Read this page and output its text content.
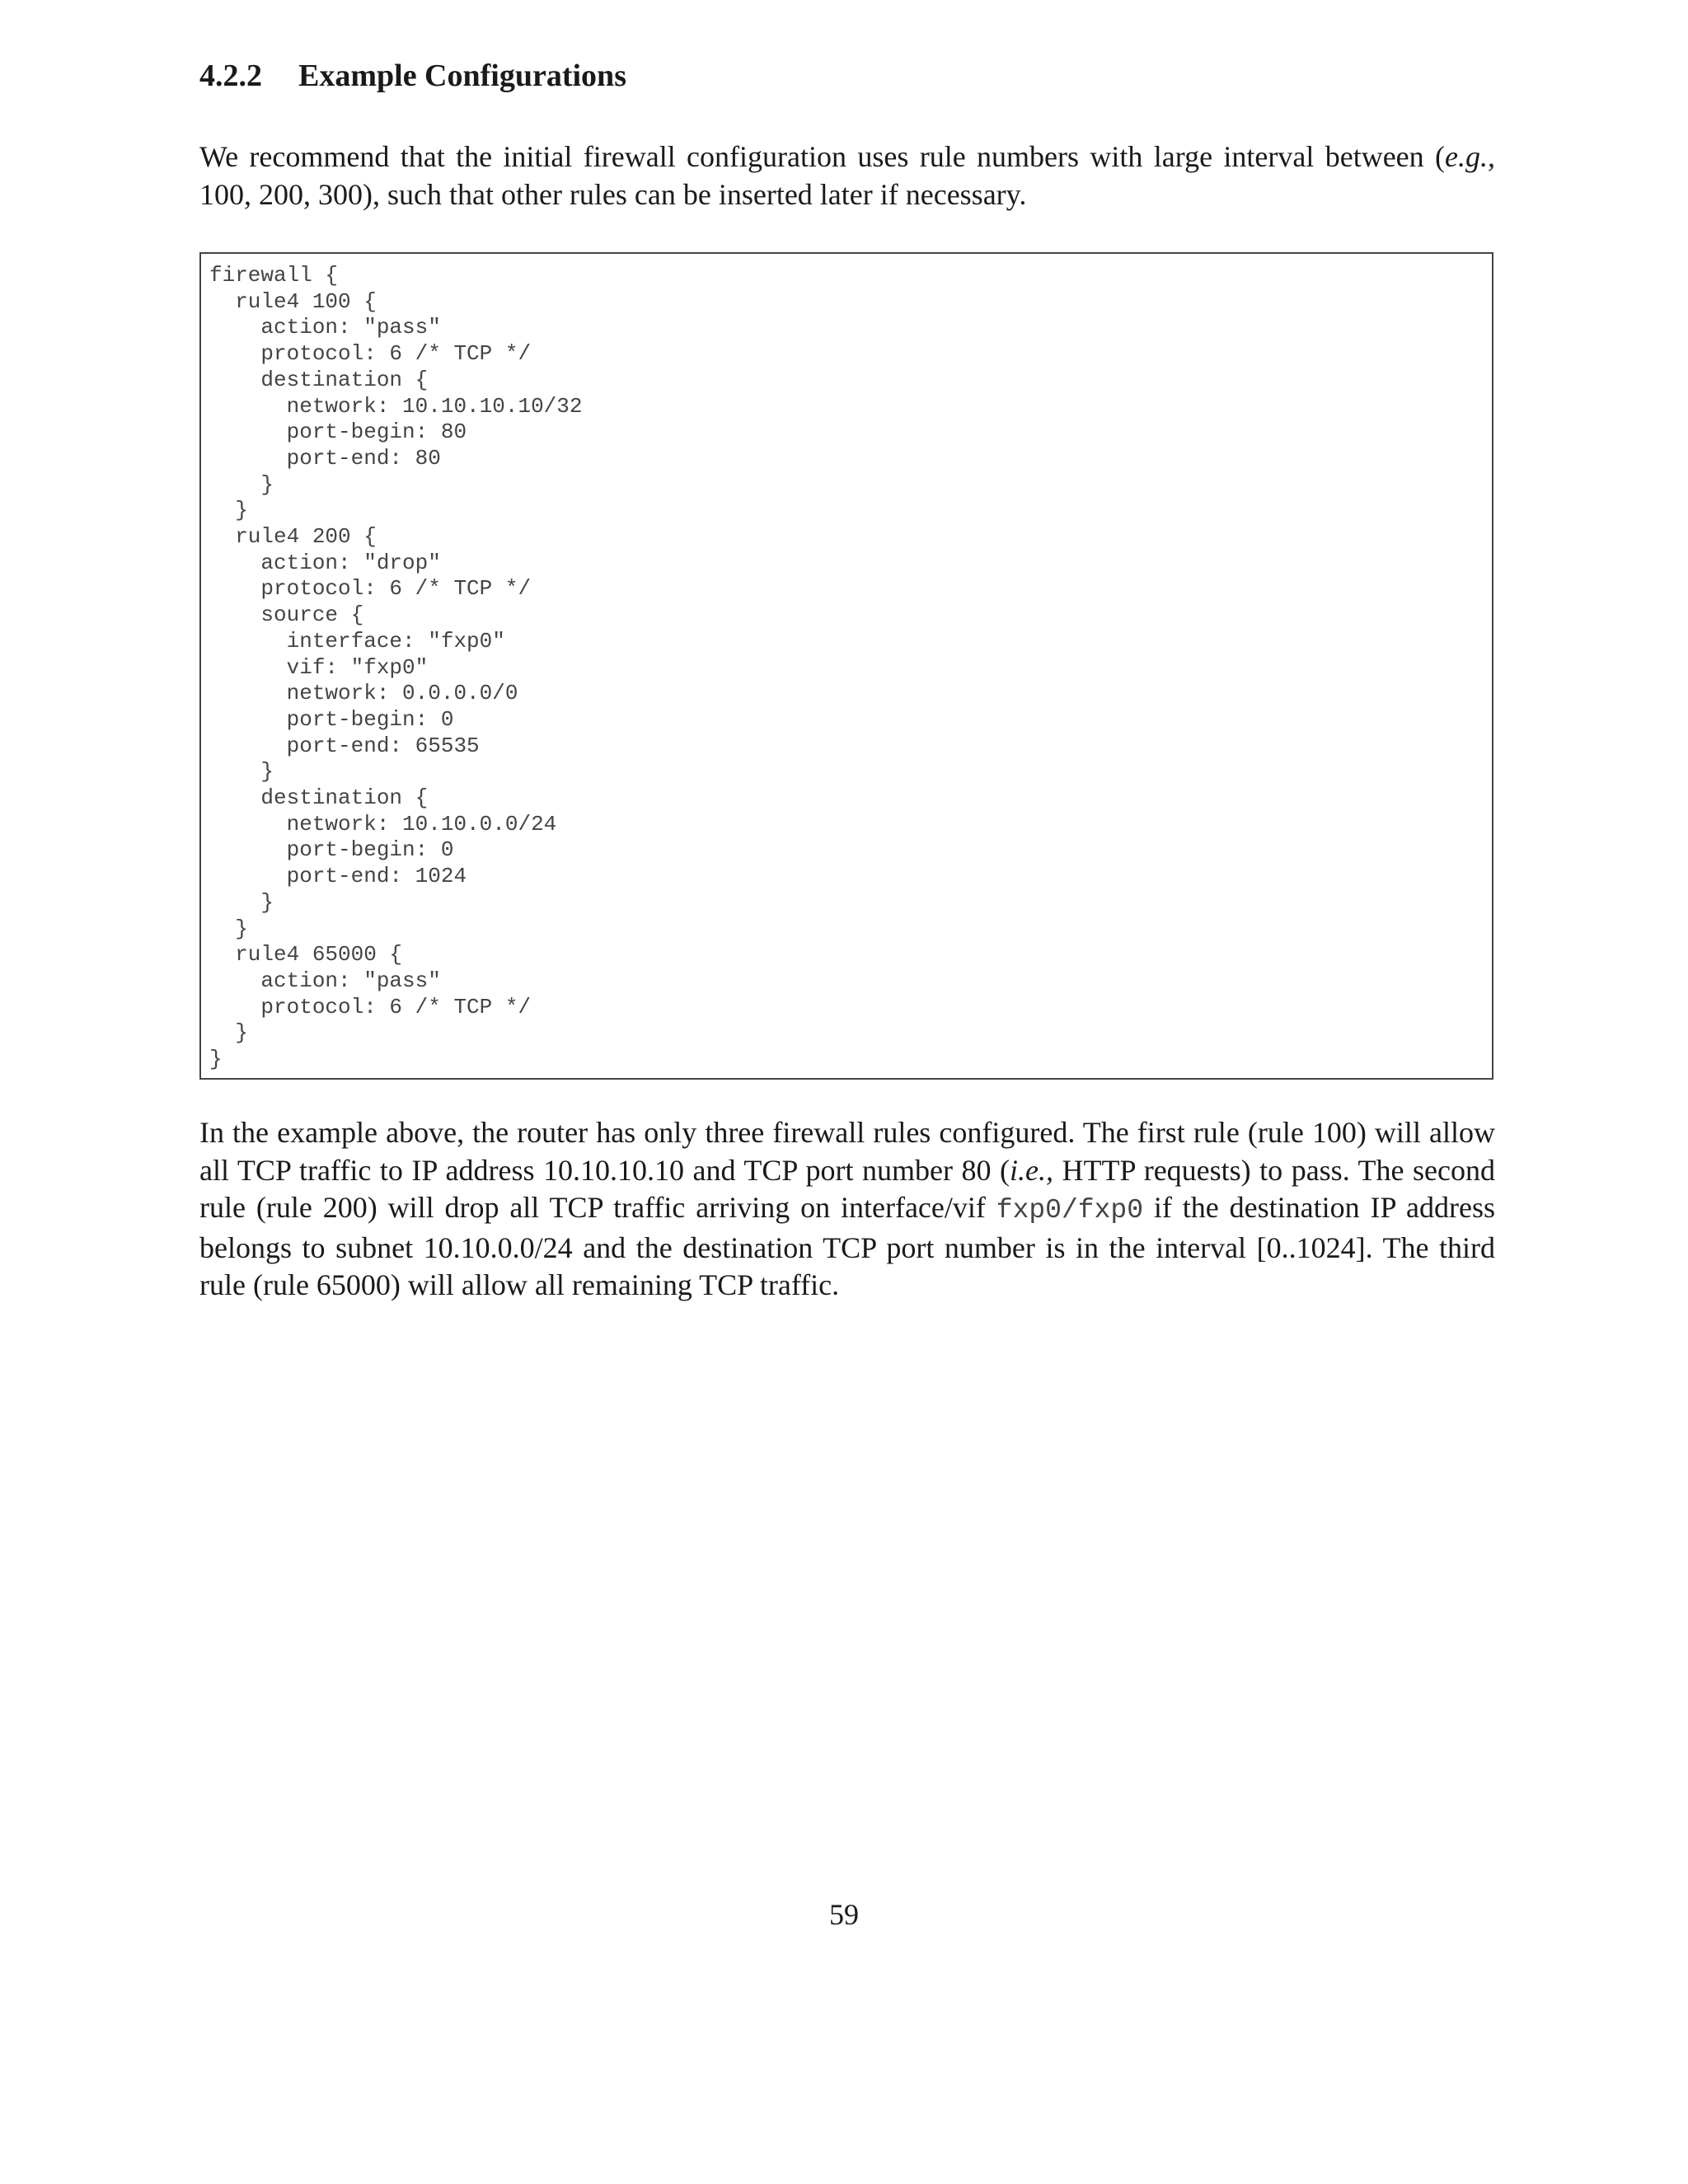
4.2.2 Example Configurations
We recommend that the initial firewall configuration uses rule numbers with large interval between (e.g.,
100, 200, 300), such that other rules can be inserted later if necessary.
firewall {
rule4 100 {
action: "pass"
protocol: 6 /* TCP */
destination {
network: 10.10.10.10/32
port-begin: 80
port-end: 80
}
}
rule4 200 {
action: "drop"
protocol: 6 /* TCP */
source {
interface: "fxp0"
vif: "fxp0"
network: 0.0.0.0/0
port-begin: 0
port-end: 65535
}
destination {
network: 10.10.0.0/24
port-begin: 0
port-end: 1024
}
}
rule4 65000 {
action: "pass"
protocol: 6 /* TCP */
}
}
In the example above, the router has only three firewall rules configured. The first rule (rule 100) will allow
all TCP traffic to IP address 10.10.10.10 and TCP port number 80 (i.e., HTTP requests) to pass. The second
rule (rule 200) will drop all TCP traffic arriving on interface/vif fxp0/fxp0 if the destination IP address
belongs to subnet 10.10.0.0/24 and the destination TCP port number is in the interval [0..1024]. The third
rule (rule 65000) will allow all remaining TCP traffic.

59
